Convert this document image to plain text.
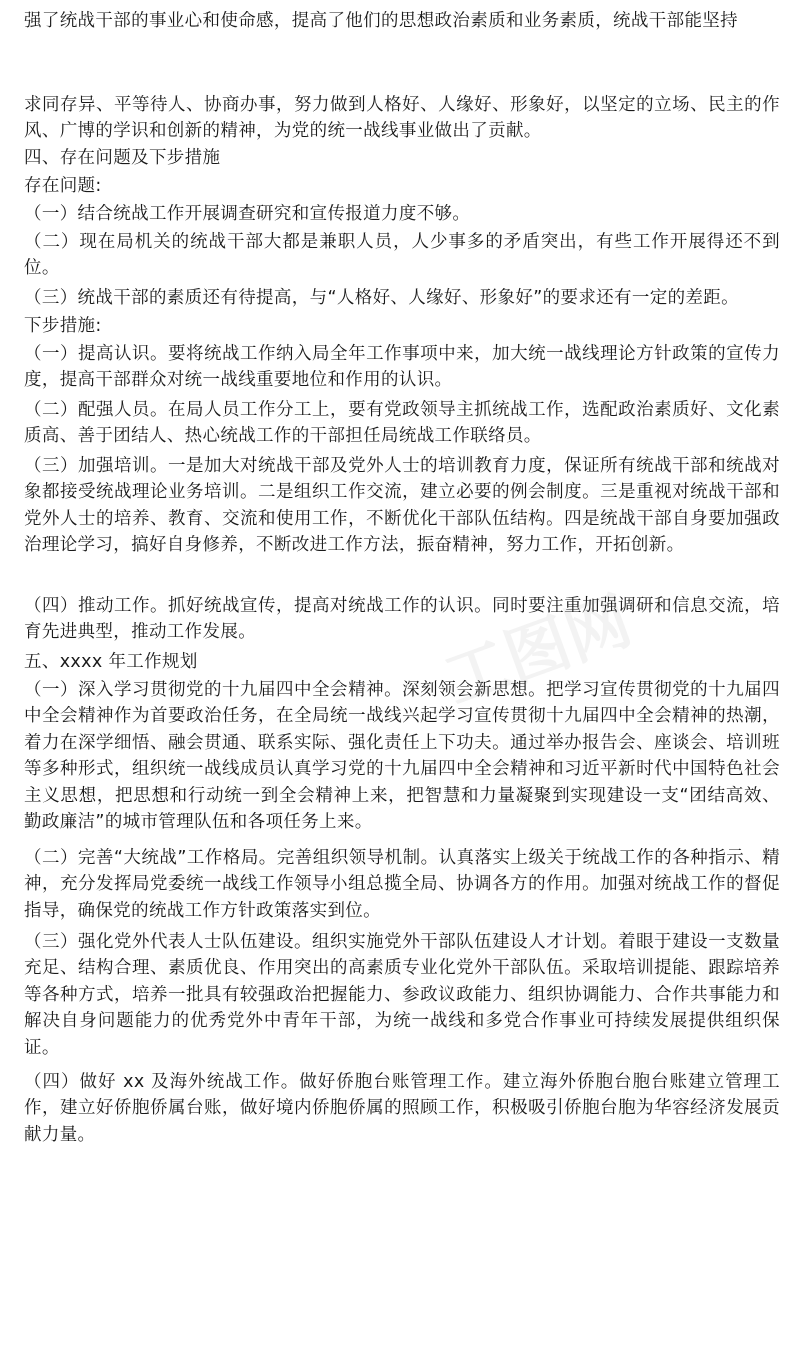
强了统战干部的事业心和使命感，提高了他们的思想政治素质和业务素质，统战干部能坚持
求同存异、平等待人、协商办事，努力做到人格好、人缘好、形象好，以坚定的立场、民主的作风、广博的学识和创新的精神，为党的统一战线事业做出了贡献。
四、存在问题及下步措施
存在问题:
（一）结合统战工作开展调查研究和宣传报道力度不够。
（二）现在局机关的统战干部大都是兼职人员，人少事多的矛盾突出，有些工作开展得还不到位。
（三）统战干部的素质还有待提高，与“人格好、人缘好、形象好”的要求还有一定的差距。
下步措施:
（一）提高认识。要将统战工作纳入局全年工作事项中来，加大统一战线理论方针政策的宣传力度，提高干部群众对统一战线重要地位和作用的认识。
（二）配强人员。在局人员工作分工上，要有党政领导主抓统战工作，选配政治素质好、文化素质高、善于团结人、热心统战工作的干部担任局统战工作联络员。
（三）加强培训。一是加大对统战干部及党外人士的培训教育力度，保证所有统战干部和统战对象都接受统战理论业务培训。二是组织工作交流，建立必要的例会制度。三是重视对统战干部和党外人士的培养、教育、交流和使用工作，不断优化干部队伍结构。四是统战干部自身要加强政治理论学习，搞好自身修养，不断改进工作方法，振奋精神，努力工作，开拓创新。
（四）推动工作。抓好统战宣传，提高对统战工作的认识。同时要注重加强调研和信息交流，培育先进典型，推动工作发展。
五、xxxx 年工作规划
（一）深入学习贯彻党的十九届四中全会精神。深刻领会新思想。把学习宣传贯彻党的十九届四中全会精神作为首要政治任务，在全局统一战线兴起学习宣传贯彻十九届四中全会精神的热潮，着力在深学细悟、融会贯通、联系实际、强化责任上下功夫。通过举办报告会、座谈会、培训班等多种形式，组织统一战线成员认真学习党的十九届四中全会精神和习近平新时代中国特色社会主义思想，把思想和行动统一到全会精神上来，把智慧和力量凝聚到实现建设一支“团结高效、勤政廉洁”的城市管理队伍和各项任务上来。
（二）完善“大统战”工作格局。完善组织领导机制。认真落实上级关于统战工作的各种指示、精神，充分发挥局党委统一战线工作领导小组总揽全局、协调各方的作用。加强对统战工作的督促指导，确保党的统战工作方针政策落实到位。
（三）强化党外代表人士队伍建设。组织实施党外干部队伍建设人才计划。着眼于建设一支数量充足、结构合理、素质优良、作用突出的高素质专业化党外干部队伍。采取培训提能、跟踪培养等各种方式，培养一批具有较强政治把握能力、参政议政能力、组织协调能力、合作共事能力和解决自身问题能力的优秀党外中青年干部，为统一战线和多党合作事业可持续发展提供组织保证。
（四）做好 xx 及海外统战工作。做好侨胞台账管理工作。建立海外侨胞台胞台账建立管理工作，建立好侨胞侨属台账，做好境内侨胞侨属的照顾工作，积极吸引侨胞台胞为华容经济发展贡献力量。
工图网
